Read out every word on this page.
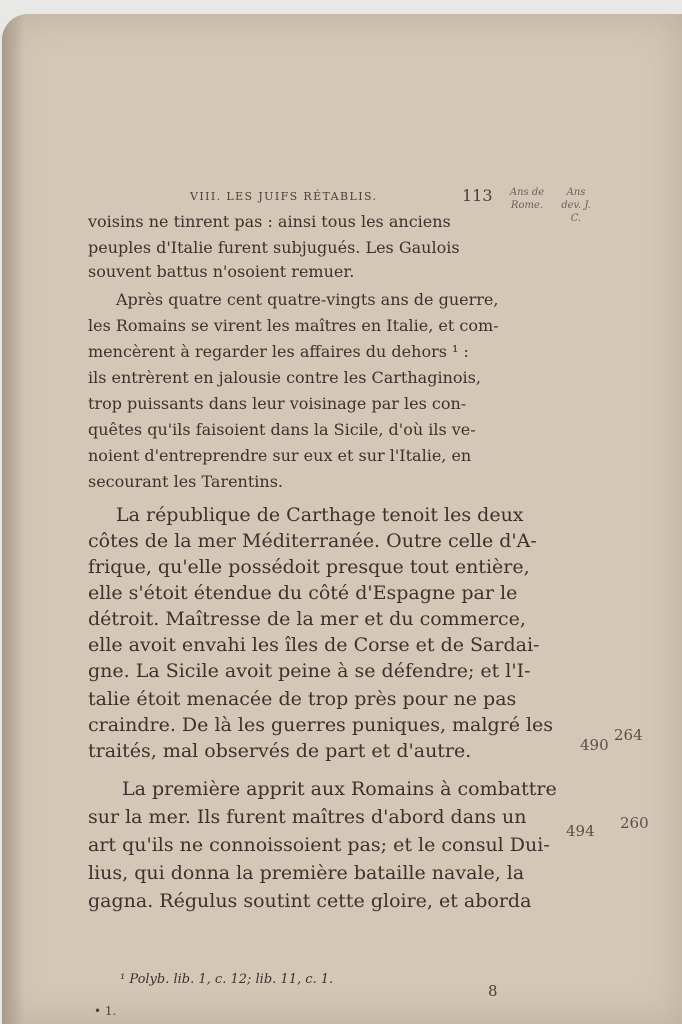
VIII. LES JUIFS RÉTABLIS.	113	Ans de Rome.
Ans dev. J. C.
voisins ne tinrent pas : ainsi tous les anciens
peuples d'Italie furent subjugués. Les Gaulois
souvent battus n'osoient remuer.
Après quatre cent quatre-vingts ans de guerre,
les Romains se virent les maîtres en Italie, et com-
mencèrent à regarder les affaires du dehors ¹ :
ils entrèrent en jalousie contre les Carthaginois,
trop puissants dans leur voisinage par les con-
quêtes qu'ils faisoient dans la Sicile, d'où ils ve-
noient d'entreprendre sur eux et sur l'Italie, en
secourant les Tarentins.
La république de Carthage tenoit les deux
côtes de la mer Méditerranée. Outre celle d'A-
frique, qu'elle possédoit presque tout entière,
elle s'étoit étendue du côté d'Espagne par le
détroit. Maîtresse de la mer et du commerce,
elle avoit envahi les îles de Corse et de Sardai-
gne. La Sicile avoit peine à se défendre; et l'I-
talie étoit menacée de trop près pour ne pas
craindre. De là les guerres puniques, malgré les
traités, mal observés de part et d'autre.
La première apprit aux Romains à combattre
sur la mer. Ils furent maîtres d'abord dans un
art qu'ils ne connoissoient pas; et le consul Dui-
lius, qui donna la première bataille navale, la
gagna. Régulus soutint cette gloire, et aborda
490
264
494 260
¹ Polyb. lib. 1, c. 12; lib. 11, c. 1.
8
• 1.
